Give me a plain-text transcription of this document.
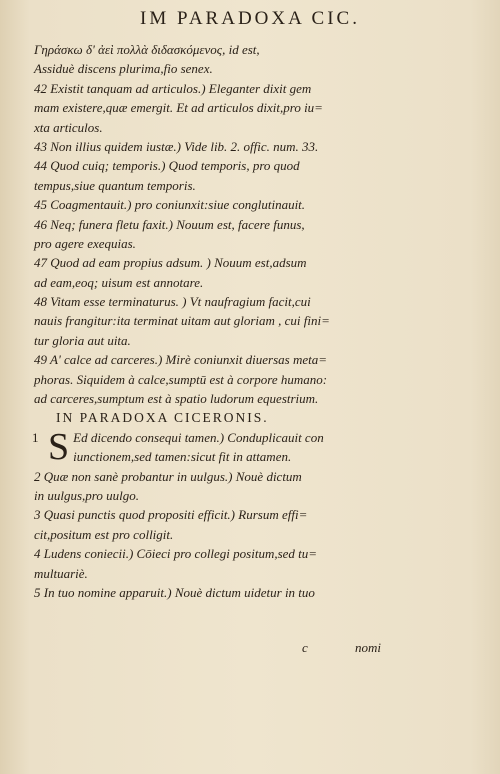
IM PARADOXA CIC.
Γηράσκω δ' ἀεὶ πολλὰ διδασκόμενος, id est,
Assiduè discens plurima,fio senex.
42 Existit tanquam ad articulos.) Eleganter dixit gem
mam existere,quæ emergit. Et ad articulos dixit,pro iu=
xta articulos.
43 Non illius quidem iustæ.) Vide lib. 2. offic. num. 33.
44 Quod cuiq; temporis.) Quod temporis, pro quod
tempus,siue quantum temporis.
45 Coagmentauit.) pro coniunxit:siue conglutinauit.
46 Neq; funera fletu faxit.) Nouum est, facere funus,
pro agere exequias.
47 Quod ad eam propius adsum. ) Nouum est,adsum
ad eam,eoq; uisum est annotare.
48 Vitam esse terminaturus. ) Vt naufragium facit,cui
nauis frangitur:ita terminat uitam aut gloriam , cui fini=
tur gloria aut uita.
49 A' calce ad carceres.) Mirè coniunxit diuersas meta=
phoras. Siquidem à calce,sumptū est à corpore humano:
ad carceres,sumptum est à spatio ludorum equestrium.
IN PARADOXA CICERONIS.
1 S Ed dicendo consequi tamen.) Conduplicauit con
iunctionem,sed tamen:sicut fit in attamen.
2 Quæ non sanè probantur in uulgus.) Nouè dictum
in uulgus,pro uulgo.
3 Quasi punctis quod propositi efficit.) Rursum effi=
cit,positum est pro colligit.
4 Ludens coniecii.) Cōieci pro collegi positum,sed tu=
multuariè.
5 In tuo nomine apparuit.) Nouè dictum uidetur in tuo
c	nomi
